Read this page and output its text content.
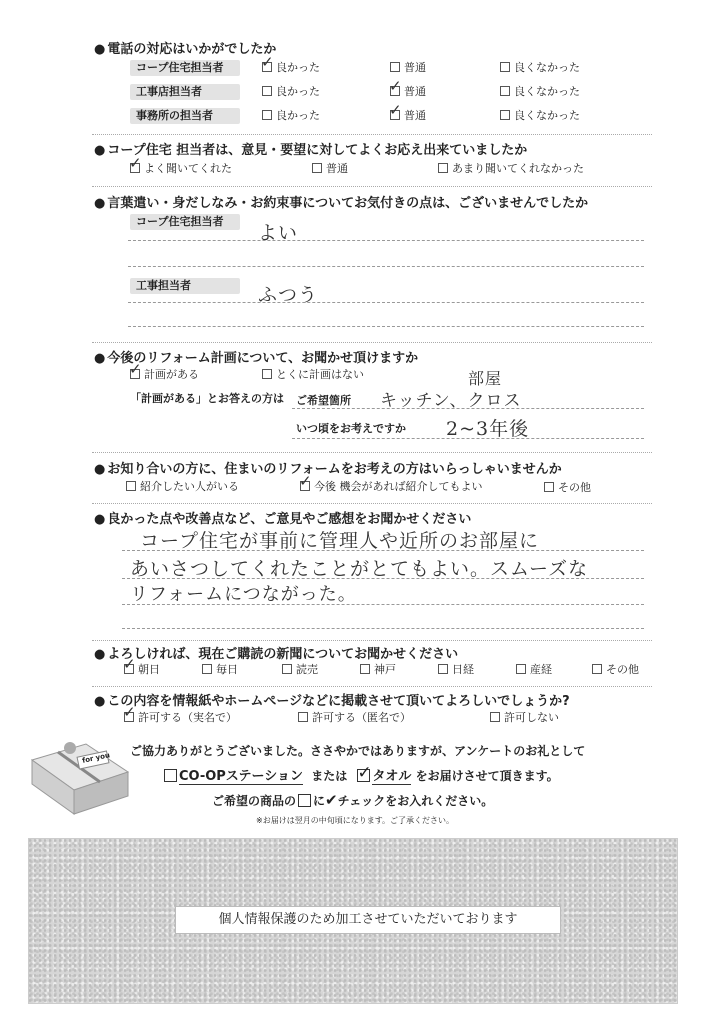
● 電話の対応はいかがでしたか
コープ住宅担当者 ✓	良かった	普通	良くなかった
工事店担当者	良かった ✓	普通	良くなかった
事務所の担当者	良かった ✓	普通	良くなかった
● コープ住宅 担当者は、意見・要望に対してよくお応え出来ていましたか
✓よく聞いてくれた	普通	あまり聞いてくれなかった
● 言葉遣い・身だしなみ・お約束事についてお気付きの点は、ございませんでしたか
コープ住宅担当者
よい
工事担当者	ふつう
● 今後のリフォーム計画について、お聞かせ頂けますか
✓計画がある	とくに計画はない
「計画がある」とお答えの方は ご希望箇所
部屋
キッチン、クロス
いつ頃をお考えですか 2~3年後
● お知り合いの方に、住まいのリフォームをお考えの方はいらっしゃいませんか
紹介したい人がいる ✓	今後 機会があれば紹介してもよい	その他
● 良かった点や改善点など、ご意見やご感想をお聞かせください
コープ住宅が事前に管理人や近所のお部屋に
あいさつしてくれたことがとてもよい。スムーズな
リフォームにつながった。
● よろしければ、現在ご購読の新聞についてお聞かせください
✓朝日	毎日	読売	神戸	日経	産経	その他
● この内容を情報紙やホームページなどに掲載させて頂いてよろしいでしょうか?
✓許可する（実名で）	許可する（匿名で）	許可しない
for you ご協力ありがとうございました。ささやかではありますが、アンケートのお礼として
CO-OPステーション または ✓ タオル をお届けさせて頂きます。
ご希望の商品の に✔チェックをお入れください。
※お届けは翌月の中旬頃になります。ご了承ください。
個人情報保護のため加工させていただいております
